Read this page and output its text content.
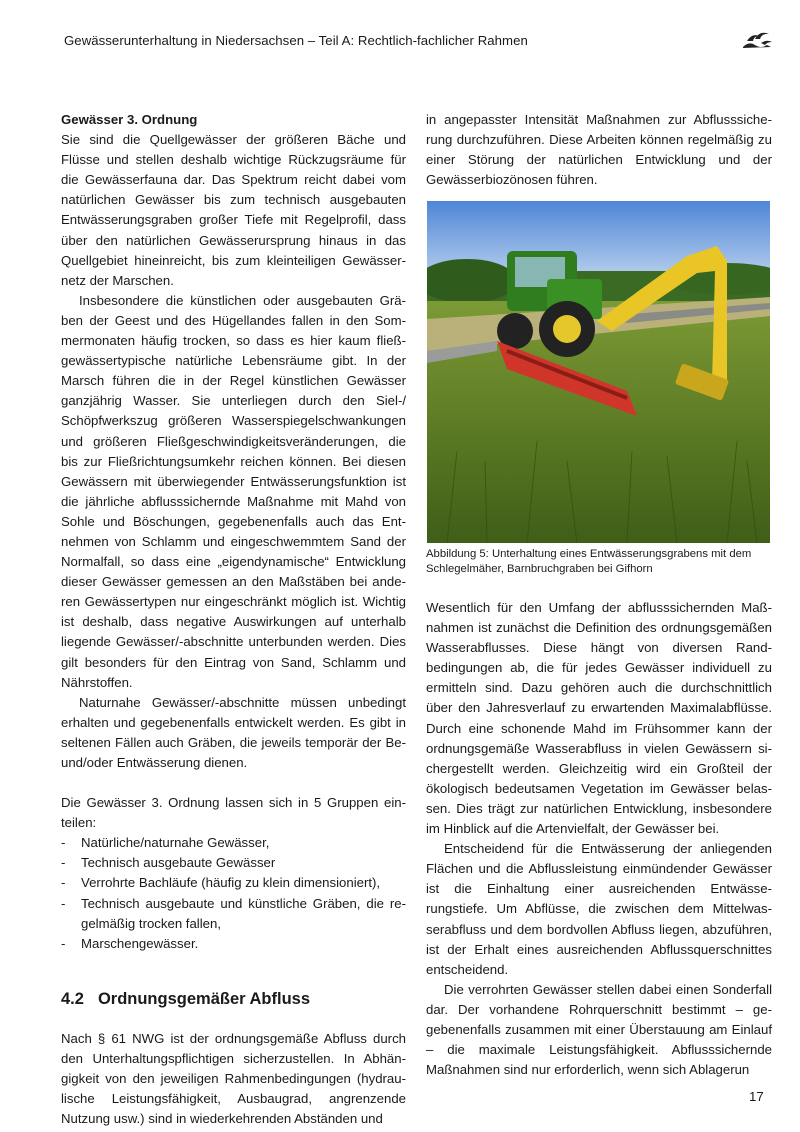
Gewässerunterhaltung in Niedersachsen – Teil A: Rechtlich-fachlicher Rahmen

Gewässer 3. Ordnung

Sie sind die Quellgewässer der größeren Bäche und Flüsse und stellen deshalb wichtige Rückzugsräume für die Gewässerfauna dar. Das Spektrum reicht dabei vom natürlichen Gewässer bis zum technisch ausgebauten Entwässerungsgraben großer Tiefe mit Regelprofil, dass über den natürlichen Gewässerursprung hinaus in das Quellgebiet hineinreicht, bis zum kleinteiligen Gewässernetz der Marschen.

Insbesondere die künstlichen oder ausgebauten Gräben der Geest und des Hügellandes fallen in den Sommermonaten häufig trocken, so dass es hier kaum fließgewässertypische natürliche Lebensräume gibt. In der Marsch führen die in der Regel künstlichen Gewässer ganzjährig Wasser. Sie unterliegen durch den Siel-/ Schöpfwerkszug größeren Wasserspiegelschwankungen und größeren Fließgeschwindigkeitsveränderungen, die bis zur Fließrichtungsumkehr reichen können. Bei diesen Gewässern mit überwiegender Entwässerungsfunktion ist die jährliche abflusssichernde Maßnahme mit Mahd von Sohle und Böschungen, gegebenenfalls auch das Entnehmen von Schlamm und eingeschwemmtem Sand der Normalfall, so dass eine „eigendynamische“ Entwicklung dieser Gewässer gemessen an den Maßstäben bei anderen Gewässertypen nur eingeschränkt möglich ist. Wichtig ist deshalb, dass negative Auswirkungen auf unterhalb liegende Gewässer/-abschnitte unterbunden werden. Dies gilt besonders für den Eintrag von Sand, Schlamm und Nährstoffen.

Naturnahe Gewässer/-abschnitte müssen unbedingt erhalten und gegebenenfalls entwickelt werden. Es gibt in seltenen Fällen auch Gräben, die jeweils temporär der Be- und/oder Entwässerung dienen.

Die Gewässer 3. Ordnung lassen sich in 5 Gruppen einteilen:

- Natürliche/naturnahe Gewässer,
- Technisch ausgebaute Gewässer
- Verrohrte Bachläufe (häufig zu klein dimensioniert),
- Technisch ausgebaute und künstliche Gräben, die regelmäßig trocken fallen,
- Marschengewässer.
4.2 Ordnungsgemäßer Abfluss

Nach § 61 NWG ist der ordnungsgemäße Abfluss durch den Unterhaltungspflichtigen sicherzustellen. In Abhängigkeit von den jeweiligen Rahmenbedingungen (hydraulische Leistungsfähigkeit, Ausbaugrad, angrenzende Nutzung usw.) sind in wiederkehrenden Abständen und

in angepasster Intensität Maßnahmen zur Abflusssicherung durchzuführen. Diese Arbeiten können regelmäßig zu einer Störung der natürlichen Entwicklung und der Gewässerbiozönosen führen.

Abbildung 5: Unterhaltung eines Entwässerungsgrabens mit dem Schlegelmäher, Barnbruchgraben bei Gifhorn

Wesentlich für den Umfang der abflusssichernden Maßnahmen ist zunächst die Definition des ordnungsgemäßen Wasserabflusses. Diese hängt von diversen Randbedingungen ab, die für jedes Gewässer individuell zu ermitteln sind. Dazu gehören auch die durchschnittlich über den Jahresverlauf zu erwartenden Maximalabflüsse. Durch eine schonende Mahd im Frühsommer kann der ordnungsgemäße Wasserabfluss in vielen Gewässern sichergestellt werden. Gleichzeitig wird ein Großteil der ökologisch bedeutsamen Vegetation im Gewässer belassen. Dies trägt zur natürlichen Entwicklung, insbesondere im Hinblick auf die Artenvielfalt, der Gewässer bei.

Entscheidend für die Entwässerung der anliegenden Flächen und die Abflussleistung einmündender Gewässer ist die Einhaltung einer ausreichenden Entwässerungstiefe. Um Abflüsse, die zwischen dem Mittelwasserabfluss und dem bordvollen Abfluss liegen, abzuführen, ist der Erhalt eines ausreichenden Abflussquerschnittes entscheidend.

Die verrohrten Gewässer stellen dabei einen Sonderfall dar. Der vorhandene Rohrquerschnitt bestimmt – gegebenenfalls zusammen mit einer Überstauung am Einlauf – die maximale Leistungsfähigkeit. Abflusssichernde Maßnahmen sind nur erforderlich, wenn sich Ablagerun

17
